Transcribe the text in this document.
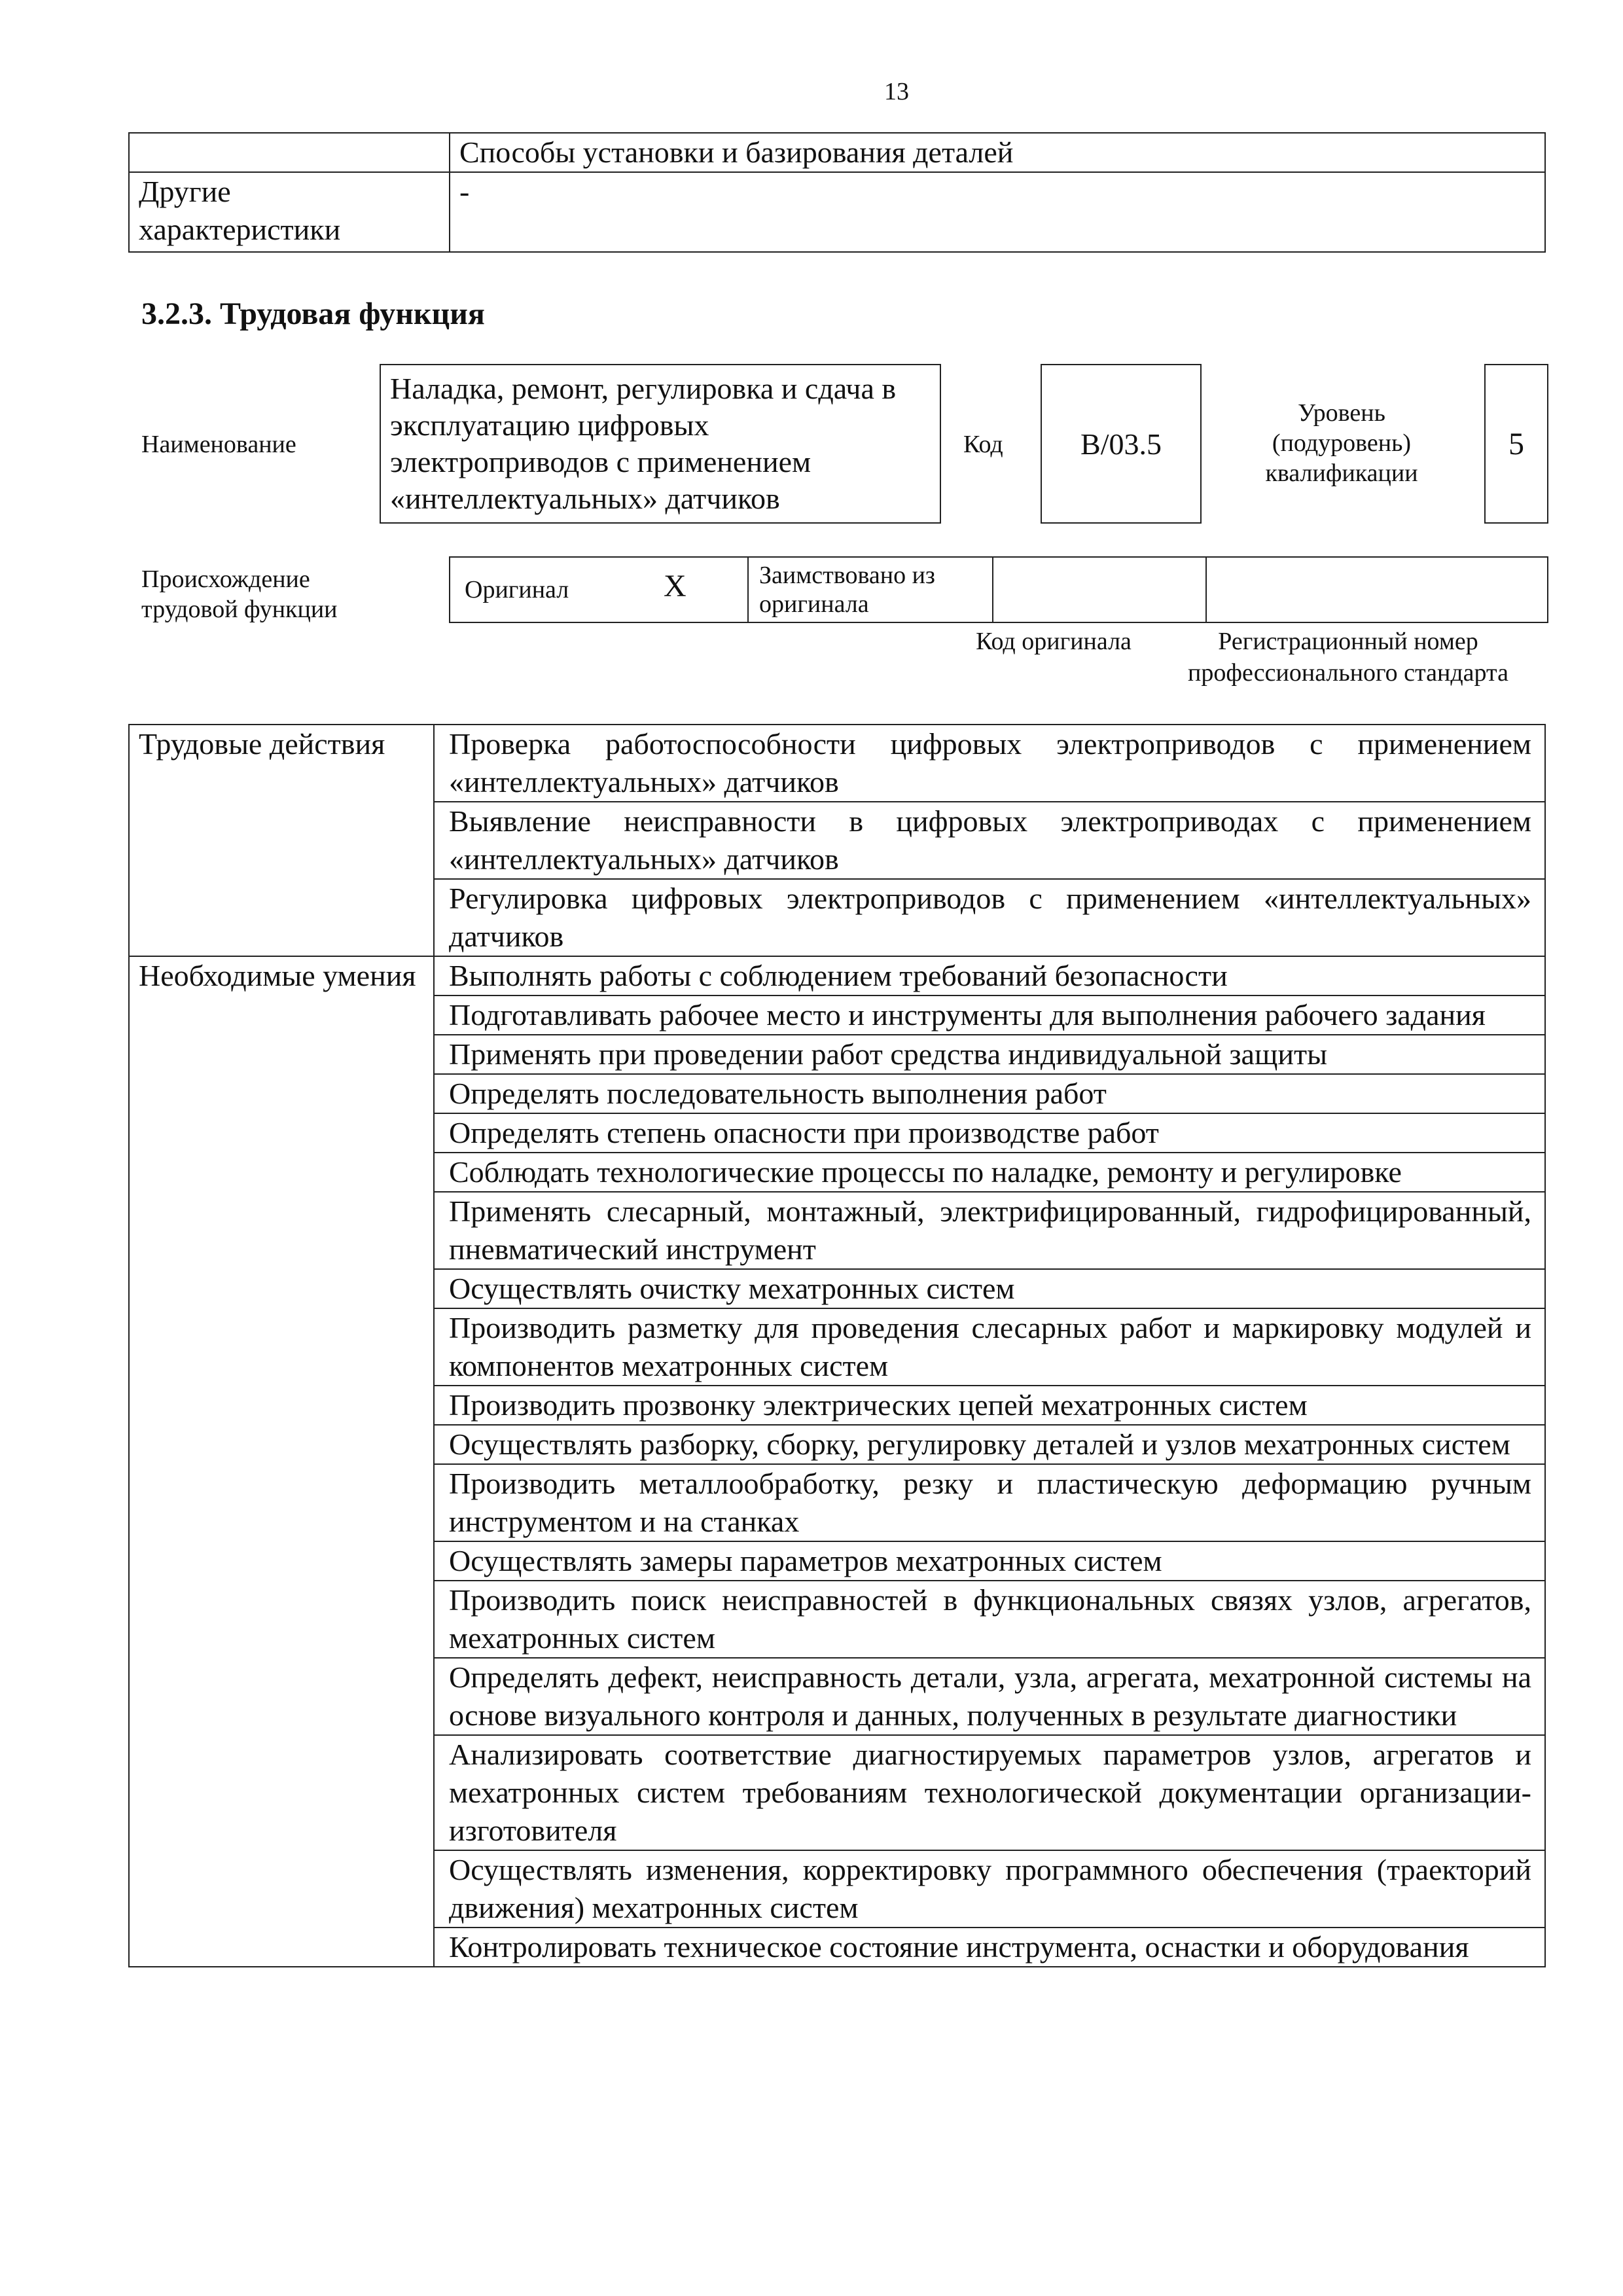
13
	Способы установки и базирования деталей
Другие характеристики	-
3.2.3. Трудовая функция
Наименование
Наладка, ремонт, регулировка и сдача в эксплуатацию цифровых электроприводов с применением «интеллектуальных» датчиков
Код	B/03.5
Уровень (подуровень) квалификации
5
Происхождение трудовой функции
Оригинал	X	Заимствовано из оригинала		
Код оригинала	Регистрационный номер профессионального стандарта
Трудовые действия	Проверка работоспособности цифровых электроприводов с применением «интеллектуальных» датчиков
	Выявление неисправности в цифровых электроприводах с применением «интеллектуальных» датчиков
	Регулировка цифровых электроприводов с применением «интеллектуальных» датчиков
Необходимые умения	Выполнять работы с соблюдением требований безопасности
	Подготавливать рабочее место и инструменты для выполнения рабочего задания
	Применять при проведении работ средства индивидуальной защиты
	Определять последовательность выполнения работ
	Определять степень опасности при производстве работ
	Соблюдать технологические процессы по наладке, ремонту и регулировке
	Применять слесарный, монтажный, электрифицированный, гидрофицированный, пневматический инструмент
	Осуществлять очистку мехатронных систем
	Производить разметку для проведения слесарных работ и маркировку модулей и компонентов мехатронных систем
	Производить прозвонку электрических цепей мехатронных систем
	Осуществлять разборку, сборку, регулировку деталей и узлов мехатронных систем
	Производить металлообработку, резку и пластическую деформацию ручным инструментом и на станках
	Осуществлять замеры параметров мехатронных систем
	Производить поиск неисправностей в функциональных связях узлов, агрегатов, мехатронных систем
	Определять дефект, неисправность детали, узла, агрегата, мехатронной системы на основе визуального контроля и данных, полученных в результате диагностики
	Анализировать соответствие диагностируемых параметров узлов, агрегатов и мехатронных систем требованиям технологической документации организации-изготовителя
	Осуществлять изменения, корректировку программного обеспечения (траекторий движения) мехатронных систем
	Контролировать техническое состояние инструмента, оснастки и оборудования
